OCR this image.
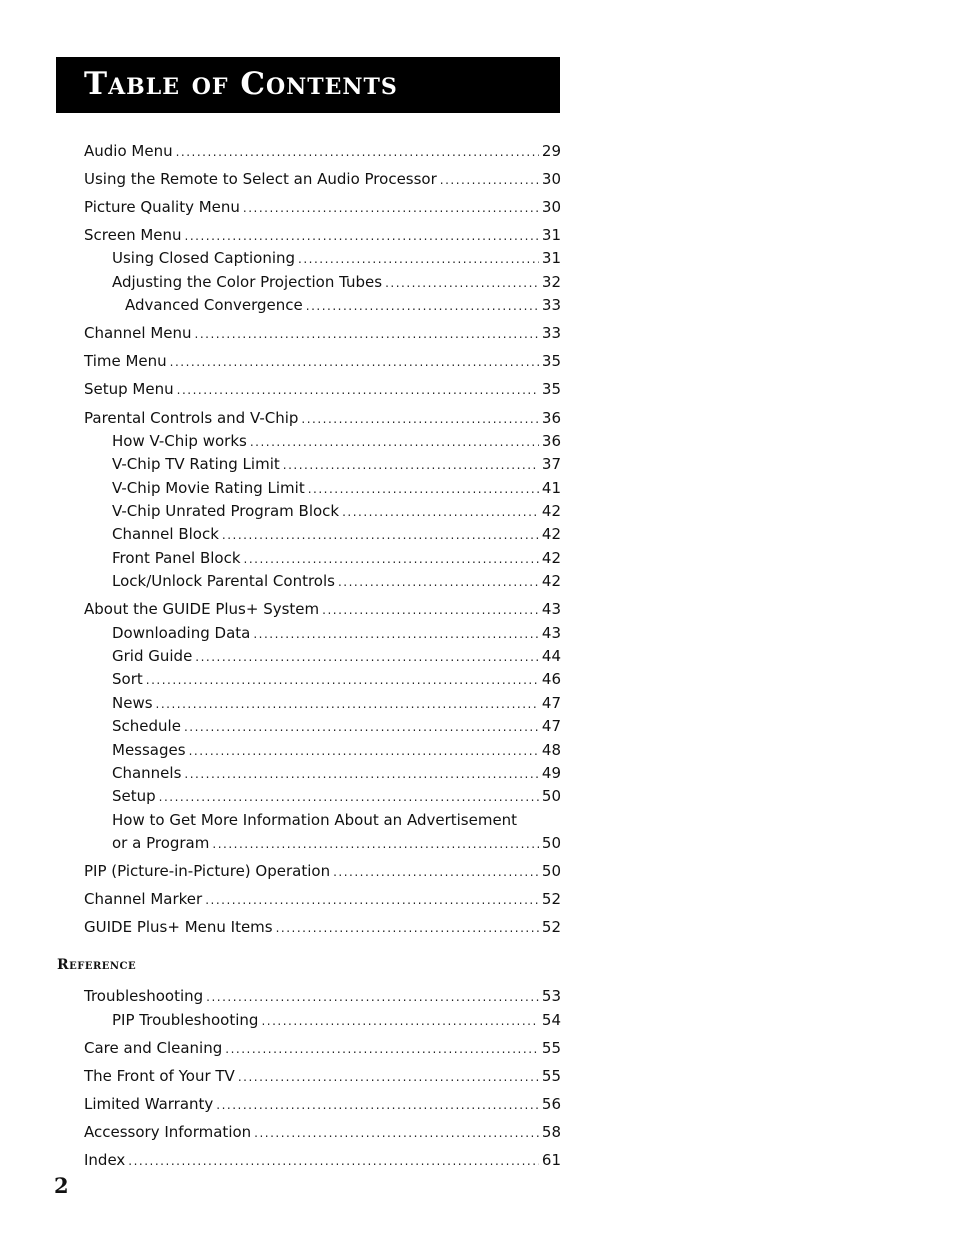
Table of Contents
Audio Menu .....	29
Using the Remote to Select an Audio Processor .....	30
Picture Quality Menu .....	30
Screen Menu .....	31
Using Closed Captioning .....	31
Adjusting the Color Projection Tubes .....	32
Advanced Convergence .....	33
Channel Menu .....	33
Time Menu .....	35
Setup Menu .....	35
Parental Controls and V-Chip .....	36
How V-Chip works .....	36
V-Chip TV Rating Limit .....	37
V-Chip Movie Rating Limit .....	41
V-Chip Unrated Program Block .....	42
Channel Block .....	42
Front Panel Block .....	42
Lock/Unlock Parental Controls .....	42
About the GUIDE Plus+ System .....	43
Downloading Data .....	43
Grid Guide .....	44
Sort .....	46
News .....	47
Schedule .....	47
Messages .....	48
Channels .....	49
Setup .....	50
How to Get More Information About an Advertisement
or a Program .....	50
PIP (Picture-in-Picture) Operation .....	50
Channel Marker .....	52
GUIDE Plus+ Menu Items .....	52
Troubleshooting .....	53
PIP Troubleshooting .....	54
Care and Cleaning .....	55
The Front of Your TV .....	55
Limited Warranty .....	56
Accessory Information .....	58
Index .....	61
Reference
2
